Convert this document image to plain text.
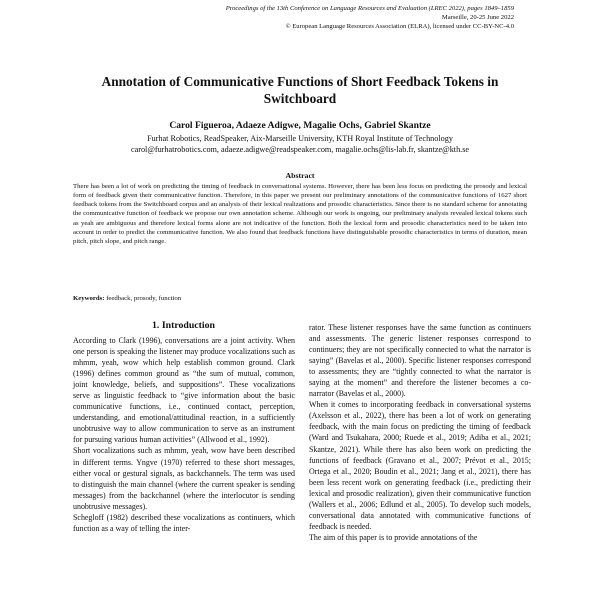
Proceedings of the 13th Conference on Language Resources and Evaluation (LREC 2022), pages 1849–1859
Marseille, 20-25 June 2022
© European Language Resources Association (ELRA), licensed under CC-BY-NC-4.0
Annotation of Communicative Functions of Short Feedback Tokens in
Switchboard
Carol Figueroa, Adaeze Adigwe, Magalie Ochs, Gabriel Skantze
Furhat Robotics, ReadSpeaker, Aix-Marseille University, KTH Royal Institute of Technology
carol@furhatrobotics.com, adaeze.adigwe@readspeaker.com, magalie.ochs@lis-lab.fr, skantze@kth.se
Abstract
There has been a lot of work on predicting the timing of feedback in conversational systems. However, there has been less focus on predicting the prosody and lexical form of feedback given their communicative function. Therefore, in this paper we present our preliminary annotations of the communicative functions of 1627 short feedback tokens from the Switchboard corpus and an analysis of their lexical realizations and prosodic characteristics. Since there is no standard scheme for annotating the communicative function of feedback we propose our own annotation scheme. Although our work is ongoing, our preliminary analysis revealed lexical tokens such as yeah are ambiguous and therefore lexical forms alone are not indicative of the function. Both the lexical form and prosodic characteristics need to be taken into account in order to predict the communicative function. We also found that feedback functions have distinguishable prosodic characteristics in terms of duration, mean pitch, pitch slope, and pitch range.
Keywords: feedback, prosody, function
1. Introduction

According to Clark (1996), conversations are a joint activity. When one person is speaking the listener may produce vocalizations such as mhmm, yeah, wow which help establish common ground. Clark (1996) defines common ground as “the sum of mutual, common, joint knowledge, beliefs, and suppositions”. These vocalizations serve as linguistic feedback to “give information about the basic communicative functions, i.e., continued contact, perception, understanding, and emotional/attitudinal reaction, in a sufficiently unobtrusive way to allow communication to serve as an instrument for pursuing various human activities” (Allwood et al., 1992).

Short vocalizations such as mhmm, yeah, wow have been described in different terms. Yngve (1970) referred to these short messages, either vocal or gestural signals, as backchannels. The term was used to distinguish the main channel (where the current speaker is sending messages) from the backchannel (where the interlocutor is sending unobtrusive messages).

Schegloff (1982) described these vocalizations as continuers, which function as a way of telling the inter-

rator. These listener responses have the same function as continuers and assessments. The generic listener responses correspond to continuers; they are not specifically connected to what the narrator is saying” (Bavelas et al., 2000). Specific listener responses correspond to assessments; they are “tightly connected to what the narrator is saying at the moment” and therefore the listener becomes a co-narrator (Bavelas et al., 2000).

When it comes to incorporating feedback in conversational systems (Axelsson et al., 2022), there has been a lot of work on generating feedback, with the main focus on predicting the timing of feedback (Ward and Tsukahara, 2000; Ruede et al., 2019; Adiba et al., 2021; Skantze, 2021). While there has also been work on predicting the functions of feedback (Gravano et al., 2007; Prévot et al., 2015; Ortega et al., 2020; Boudin et al., 2021; Jang et al., 2021), there has been less recent work on generating feedback (i.e., predicting their lexical and prosodic realization), given their communicative function (Wallers et al., 2006; Edlund et al., 2005). To develop such models, conversational data annotated with communicative functions of feedback is needed.

The aim of this paper is to provide annotations of the
